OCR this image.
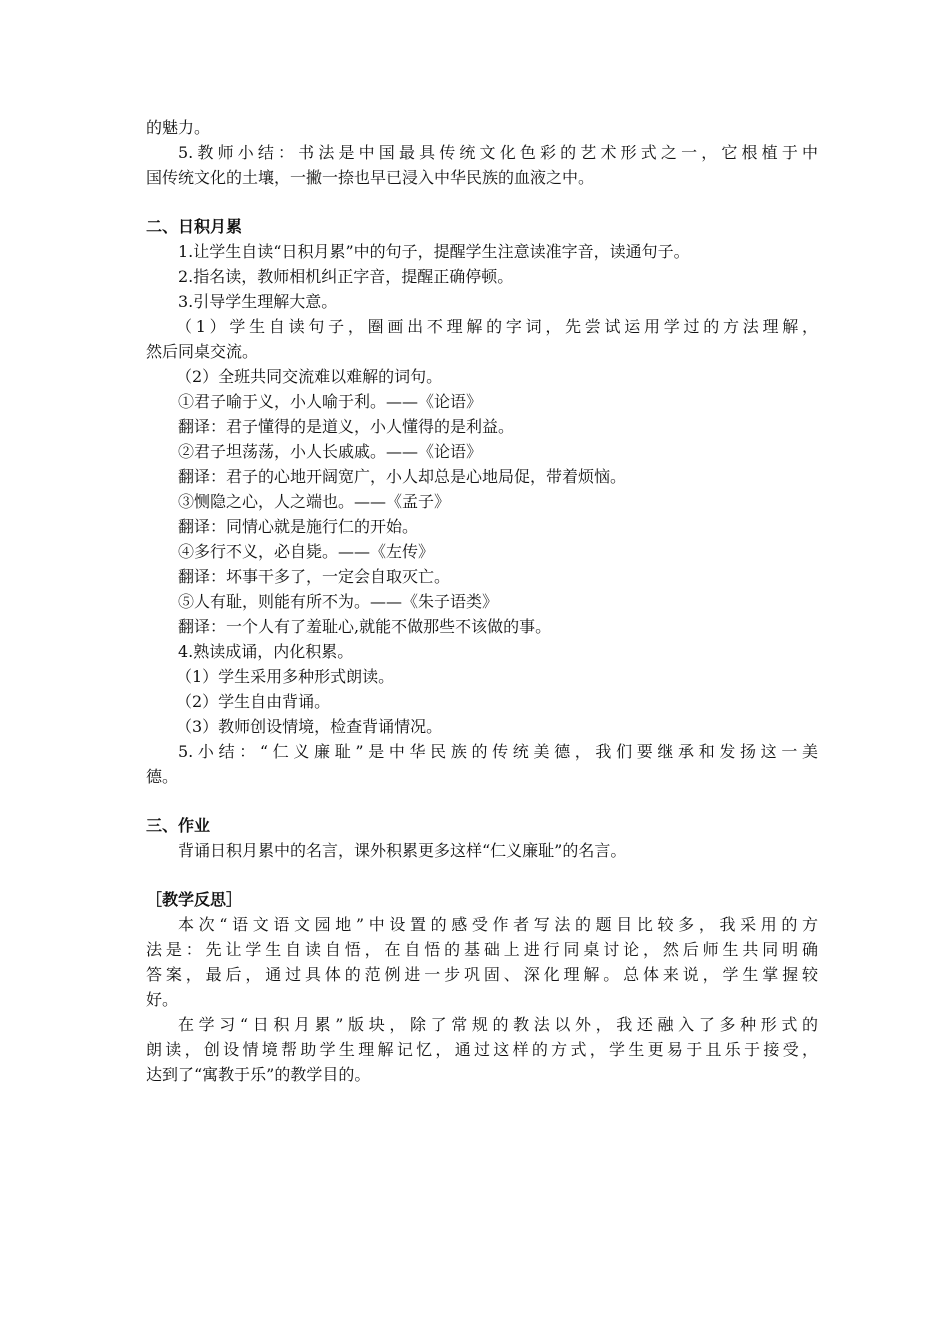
的魅力。
5.教师小结：书法是中国最具传统文化色彩的艺术形式之一，它根植于中
国传统文化的土壤，一撇一捺也早已浸入中华民族的血液之中。
二、日积月累
1.让学生自读“日积月累”中的句子，提醒学生注意读准字音，读通句子。
2.指名读，教师相机纠正字音，提醒正确停顿。
3.引导学生理解大意。
（1）学生自读句子，圈画出不理解的字词，先尝试运用学过的方法理解，
然后同桌交流。
（2）全班共同交流难以难解的词句。
①君子喻于义，小人喻于利。——《论语》
翻译：君子懂得的是道义，小人懂得的是利益。
②君子坦荡荡，小人长戚戚。——《论语》
翻译：君子的心地开阔宽广，小人却总是心地局促，带着烦恼。
③恻隐之心，人之端也。——《孟子》
翻译：同情心就是施行仁的开始。
④多行不义，必自毙。——《左传》
翻译：坏事干多了，一定会自取灭亡。
⑤人有耻，则能有所不为。——《朱子语类》
翻译：一个人有了羞耻心,就能不做那些不该做的事。
4.熟读成诵，内化积累。
（1）学生采用多种形式朗读。
（2）学生自由背诵。
（3）教师创设情境，检查背诵情况。
5.小结：“仁义廉耻”是中华民族的传统美德，我们要继承和发扬这一美
德。
三、作业
背诵日积月累中的名言，课外积累更多这样“仁义廉耻”的名言。
［教学反思］
本次“语文语文园地”中设置的感受作者写法的题目比较多，我采用的方
法是：先让学生自读自悟，在自悟的基础上进行同桌讨论，然后师生共同明确
答案，最后，通过具体的范例进一步巩固、深化理解。总体来说，学生掌握较
好。
在学习“日积月累”版块，除了常规的教法以外，我还融入了多种形式的
朗读，创设情境帮助学生理解记忆，通过这样的方式，学生更易于且乐于接受，
达到了“寓教于乐”的教学目的。
